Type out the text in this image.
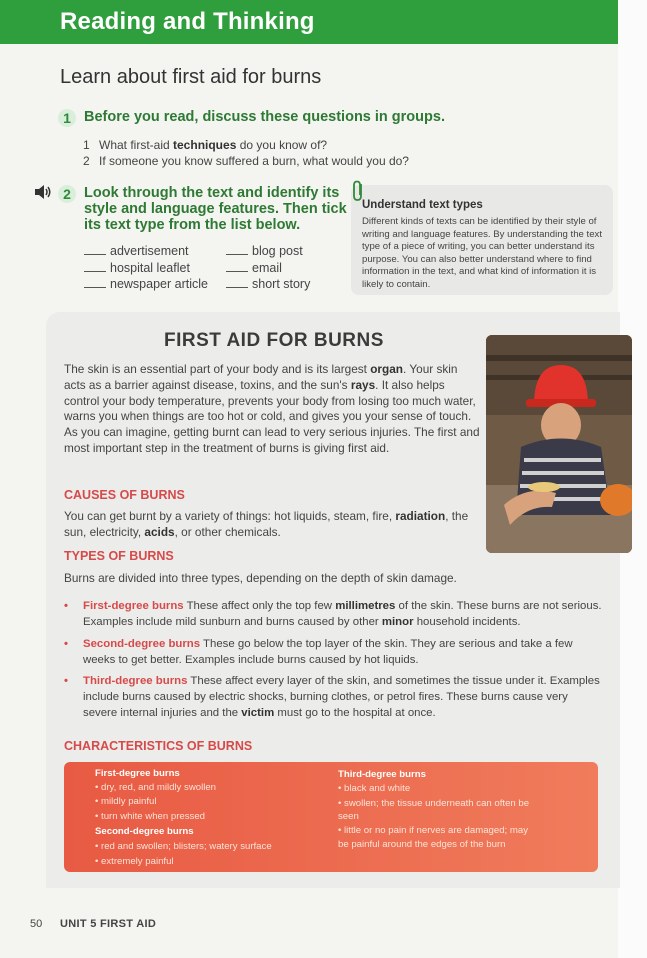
Reading and Thinking
Learn about first aid for burns
1 Before you read, discuss these questions in groups.
1 What first-aid techniques do you know of?
2 If someone you know suffered a burn, what would you do?
2 Look through the text and identify its
style and language features. Then tick
its text type from the list below.
advertisement
hospital leaflet
newspaper article
blog post
email
short story
Understand text types
Different kinds of texts can be identified by their style of writing and language features. By understanding the text type of a piece of writing, you can better understand its purpose. You can also better understand where to find information in the text, and what kind of information it is likely to contain.
FIRST AID FOR BURNS
The skin is an essential part of your body and is its largest organ. Your skin acts as a barrier against disease, toxins, and the sun's rays. It also helps control your body temperature, prevents your body from losing too much water, warns you when things are too hot or cold, and gives you your sense of touch. As you can imagine, getting burnt can lead to very serious injuries. The first and most important step in the treatment of burns is giving first aid.
CAUSES OF BURNS
You can get burnt by a variety of things: hot liquids, steam, fire, radiation, the sun, electricity, acids, or other chemicals.
TYPES OF BURNS
Burns are divided into three types, depending on the depth of skin damage.
• First-degree burns These affect only the top few millimetres of the skin. These burns are not serious. Examples include mild sunburn and burns caused by other minor household incidents.
• Second-degree burns These go below the top layer of the skin. They are serious and take a few weeks to get better. Examples include burns caused by hot liquids.
• Third-degree burns These affect every layer of the skin, and sometimes the tissue under it. Examples include burns caused by electric shocks, burning clothes, or petrol fires. These burns cause very severe internal injuries and the victim must go to the hospital at once.
CHARACTERISTICS OF BURNS
First-degree burns
• dry, red, and mildly swollen
• mildly painful
• turn white when pressed
Second-degree burns
• red and swollen; blisters; watery surface
• extremely painful
Third-degree burns
• black and white
• swollen; the tissue underneath can often be
seen
• little or no pain if nerves are damaged; may
be painful around the edges of the burn
50 UNIT 5 FIRST AID
